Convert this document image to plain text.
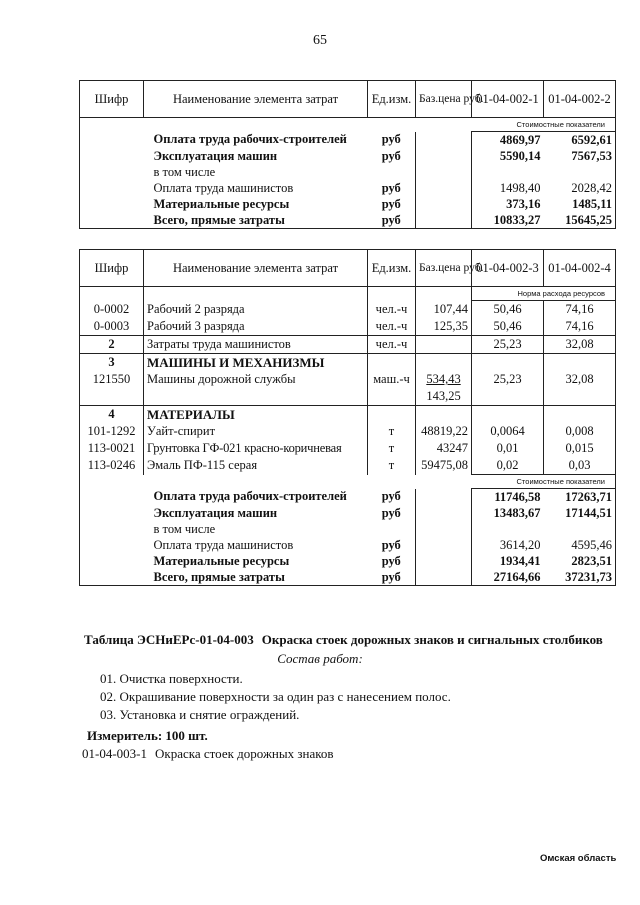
65
Шифр	Наименование элемента затрат	Ед.изм.	Баз.цена руб.	01-04-002-1	01-04-002-2
				Стоимостные показатели	
	Оплата труда рабочих-строителей	руб		4869,97	6592,61
	Эксплуатация машин	руб		5590,14	7567,53
	в том числе				
	Оплата труда машинистов	руб		1498,40	2028,42
	Материальные ресурсы	руб		373,16	1485,11
	Всего, прямые затраты	руб		10833,27	15645,25
Шифр	Наименование элемента затрат	Ед.изм.	Баз.цена руб.	01-04-002-3	01-04-002-4
				Норма расхода ресурсов	
0-0002	Рабочий 2 разряда	чел.-ч	107,44	50,46	74,16
0-0003	Рабочий 3 разряда	чел.-ч	125,35	50,46	74,16
2	Затраты труда машинистов	чел.-ч		25,23	32,08
3	МАШИНЫ И МЕХАНИЗМЫ				
121550	Машины дорожной службы	маш.-ч	534,43	25,23	32,08
			143,25		
4	МАТЕРИАЛЫ				
101-1292	Уайт-спирит	т	48819,22	0,0064	0,008
113-0021	Грунтовка ГФ-021 красно-коричневая	т	43247	0,01	0,015
113-0246	Эмаль ПФ-115 серая	т	59475,08	0,02	0,03
				Стоимостные показатели	
	Оплата труда рабочих-строителей	руб		11746,58	17263,71
	Эксплуатация машин	руб		13483,67	17144,51
	в том числе				
	Оплата труда машинистов	руб		3614,20	4595,46
	Материальные ресурсы	руб		1934,41	2823,51
	Всего, прямые затраты	руб		27164,66	37231,73
Таблица ЭСНиЕРс-01-04-003 Окраска стоек дорожных знаков и сигнальных столбиков
Состав работ:
01. Очистка поверхности.
02. Окрашивание поверхности за один раз с нанесением полос.
03. Установка и снятие ограждений.
Измеритель: 100 шт.
01-04-003-1 Окраска стоек дорожных знаков
Омская область
